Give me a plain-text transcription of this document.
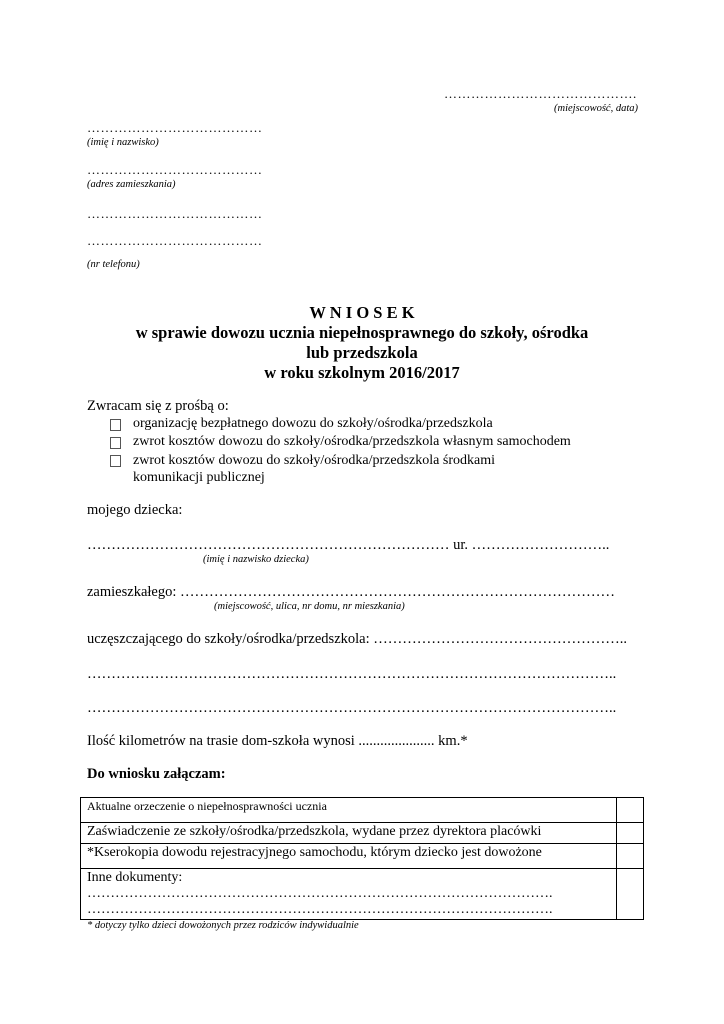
…………………………………….
(miejscowość, data)
…………………………………
(imię i nazwisko)
…………………………………
(adres zamieszkania)
…………………………………
…………………………………
(nr telefonu)
W N I O S E K
w sprawie dowozu ucznia niepełnosprawnego do szkoły, ośrodka
lub przedszkola
w roku szkolnym 2016/2017
Zwracam się z prośbą o:
organizację bezpłatnego dowozu do szkoły/ośrodka/przedszkola
zwrot kosztów dowozu do szkoły/ośrodka/przedszkola własnym samochodem
zwrot kosztów dowozu do szkoły/ośrodka/przedszkola środkami komunikacji publicznej
mojego dziecka:
………………………………………………………………… ur. ………………………..
(imię i nazwisko dziecka)
zamieszkałego: ………………………………………………………………………………
(miejscowość, ulica, nr domu, nr mieszkania)
uczęszczającego do szkoły/ośrodka/przedszkola: ……………………………………………..
………………………………………………………………………………………………..
………………………………………………………………………………………………..
Ilość kilometrów na trasie dom-szkoła wynosi ..................... km.*
Do wniosku załączam:
Aktualne orzeczenie o niepełnosprawności ucznia	
Zaświadczenie ze szkoły/ośrodka/przedszkola, wydane przez dyrektora placówki	
*Kserokopia dowodu rejestracyjnego samochodu, którym dziecko jest dowożone	

Inne dokumenty:
……………………………………………………………………………………….
……………………………………………………………………………………….	

* dotyczy tylko dzieci dowożonych przez rodziców indywidualnie
